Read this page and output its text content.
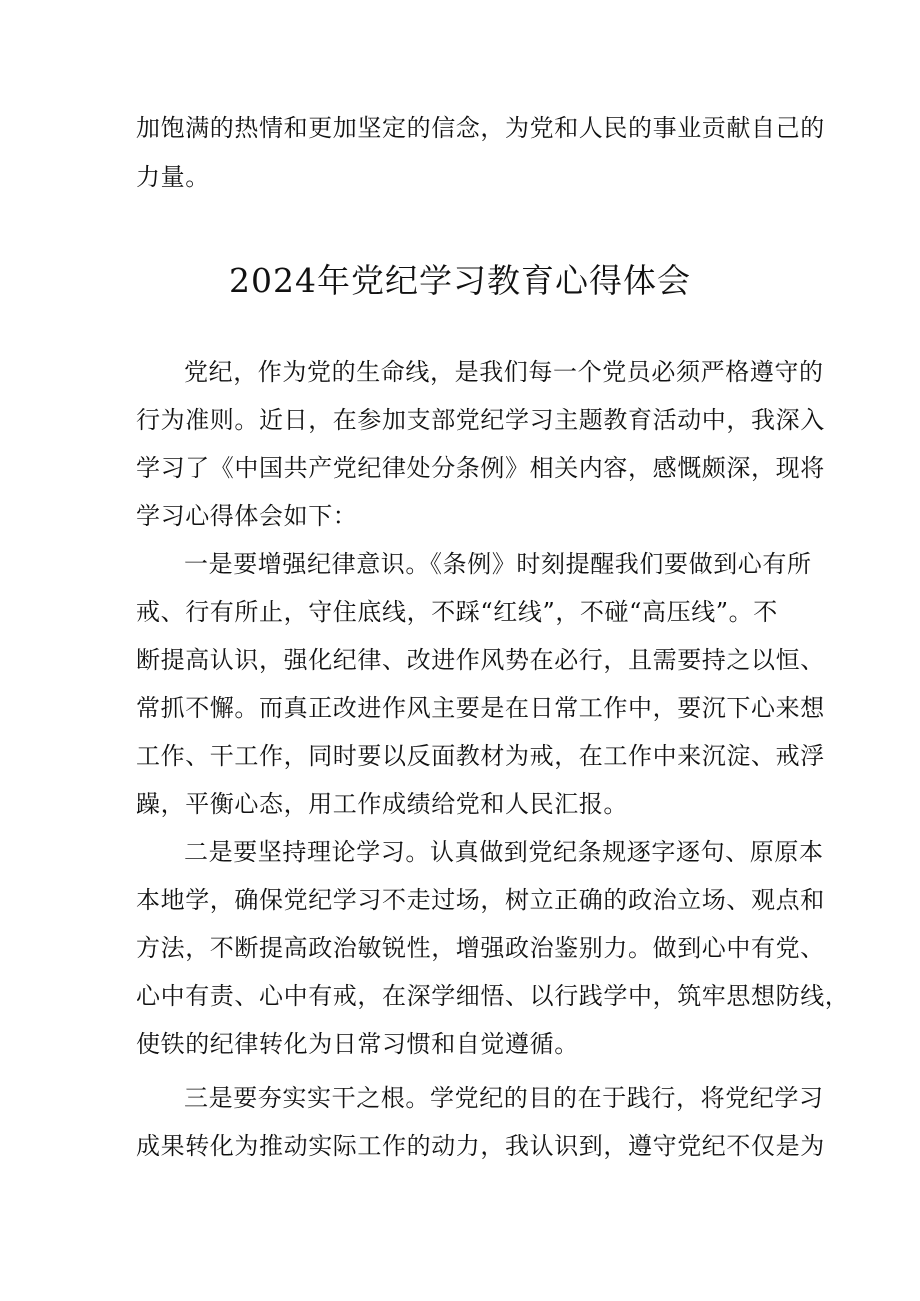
加饱满的热情和更加坚定的信念，为党和人民的事业贡献自己的
力量。
2024年党纪学习教育心得体会
党纪，作为党的生命线，是我们每一个党员必须严格遵守的
行为准则。近日，在参加支部党纪学习主题教育活动中，我深入
学习了《中国共产党纪律处分条例》相关内容，感慨颇深，现将
学习心得体会如下：
一是要增强纪律意识。《条例》时刻提醒我们要做到心有所
戒、行有所止，守住底线，不踩“红线”，不碰“高压线”。不
断提高认识，强化纪律、改进作风势在必行，且需要持之以恒、
常抓不懈。而真正改进作风主要是在日常工作中，要沉下心来想
工作、干工作，同时要以反面教材为戒，在工作中来沉淀、戒浮
躁，平衡心态，用工作成绩给党和人民汇报。
二是要坚持理论学习。认真做到党纪条规逐字逐句、原原本
本地学，确保党纪学习不走过场，树立正确的政治立场、观点和
方法，不断提高政治敏锐性，增强政治鉴别力。做到心中有党、
心中有责、心中有戒，在深学细悟、以行践学中，筑牢思想防线，
使铁的纪律转化为日常习惯和自觉遵循。
三是要夯实实干之根。学党纪的目的在于践行，将党纪学习
成果转化为推动实际工作的动力，我认识到，遵守党纪不仅是为
